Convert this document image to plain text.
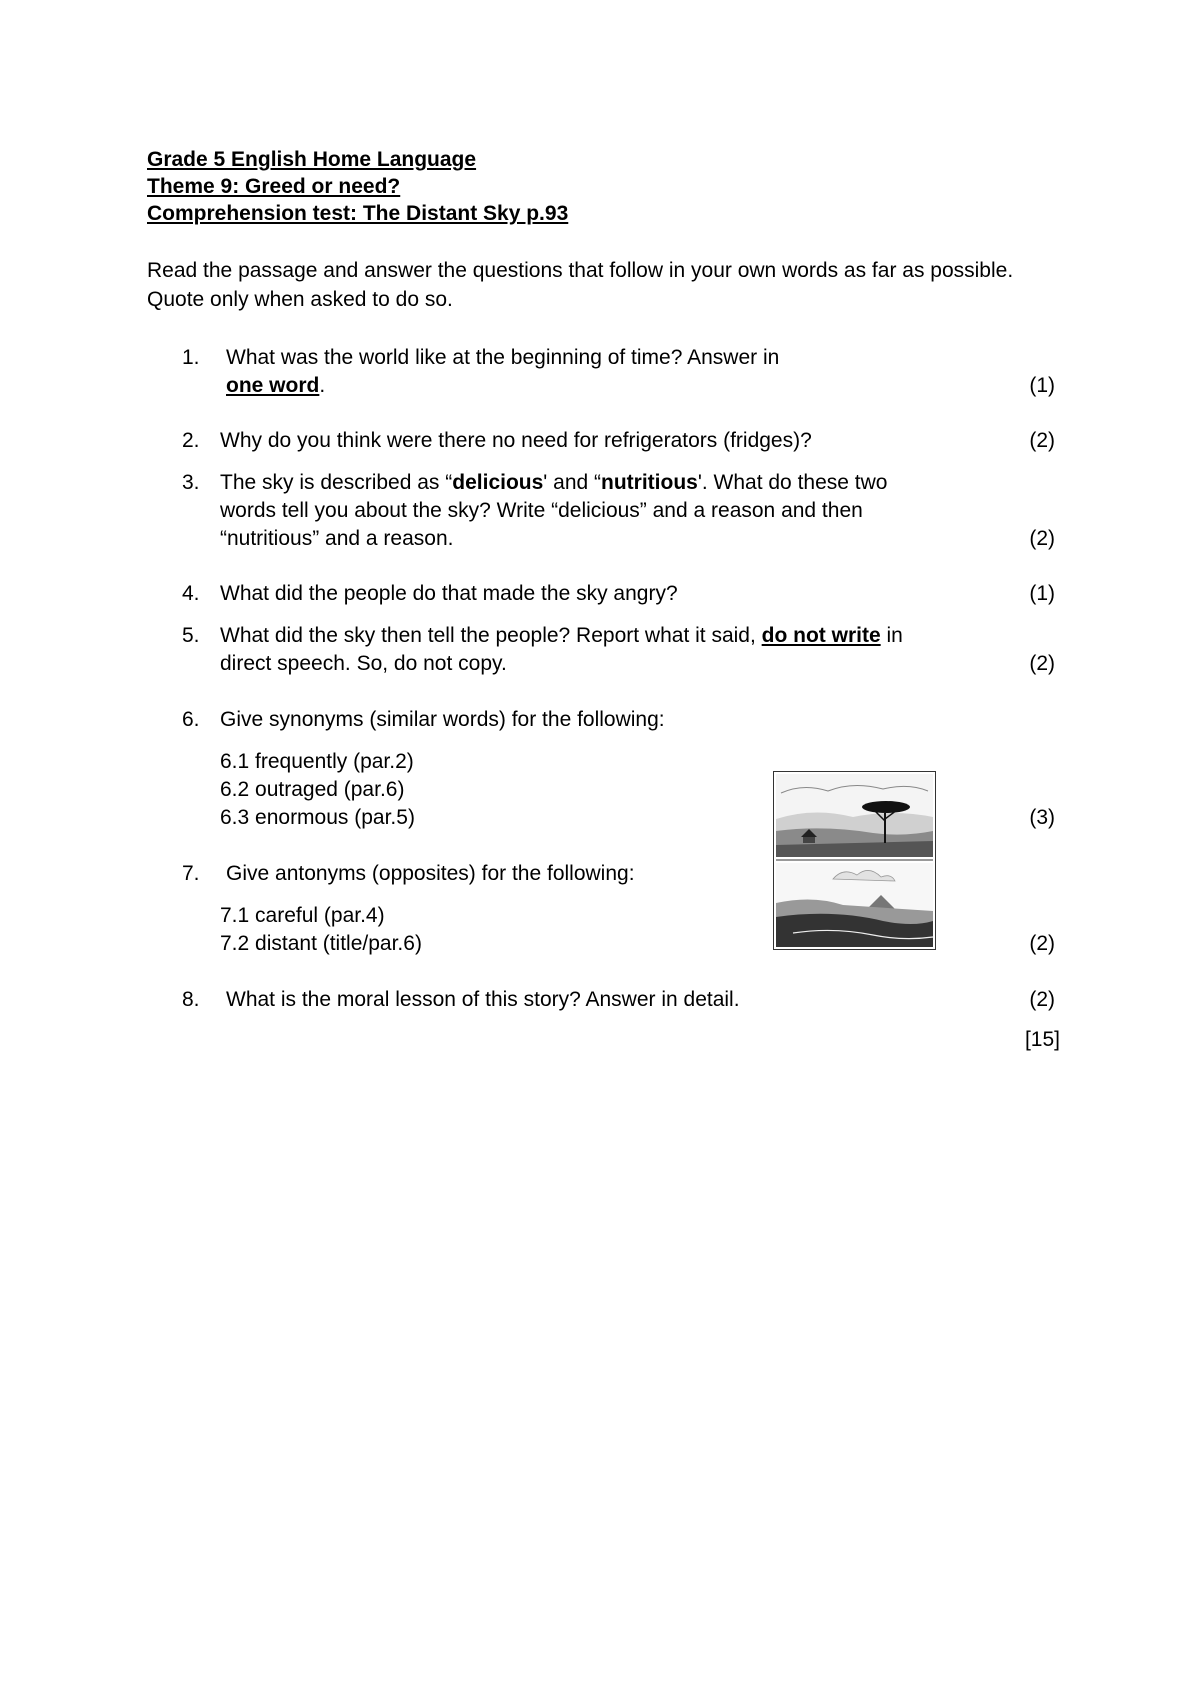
Grade 5 English Home Language
Theme 9: Greed or need?
Comprehension test: The Distant Sky p.93
Read the passage and answer the questions that follow in your own words as far as possible. Quote only when asked to do so.
1. What was the world like at the beginning of time? Answer in
one word.	(1)
2. Why do you think were there no need for refrigerators (fridges)?	(2)
3. The sky is described as “delicious' and “nutritious'. What do these two
words tell you about the sky? Write “delicious” and a reason and then
“nutritious” and a reason.	(2)
4. What did the people do that made the sky angry?	(1)
5. What did the sky then tell the people? Report what it said, do not write in
direct speech. So, do not copy.	(2)
6. Give synonyms (similar words) for the following:
6.1 frequently (par.2)
6.2 outraged (par.6)
6.3 enormous (par.5)	(3)
7. Give antonyms (opposites) for the following:
7.1 careful (par.4)
7.2 distant (title/par.6)	(2)
8. What is the moral lesson of this story? Answer in detail.	(2)
[15]
